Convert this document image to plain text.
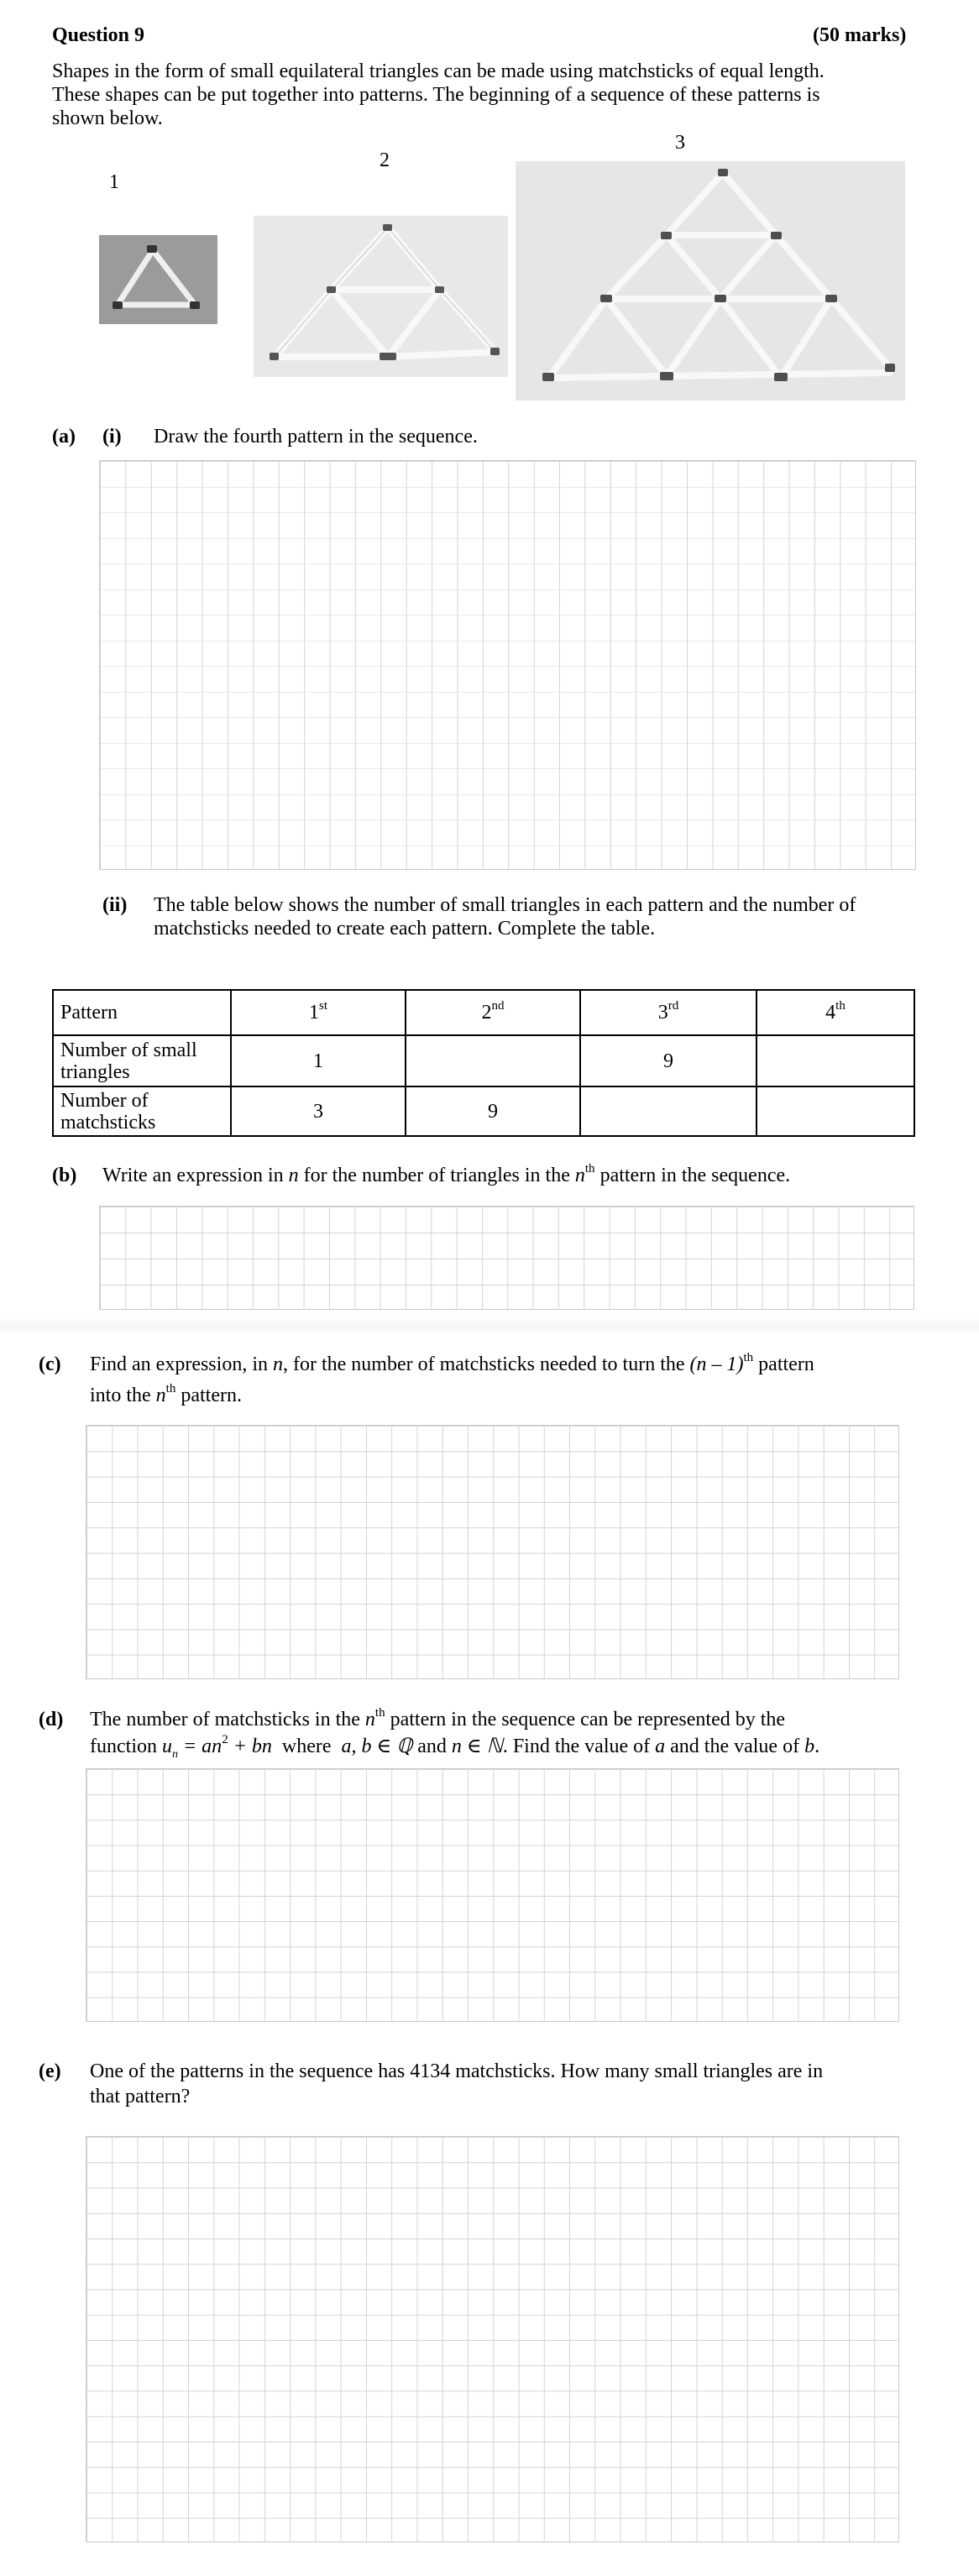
Question 9	(50 marks)
Shapes in the form of small equilateral triangles can be made using matchsticks of equal length.
These shapes can be put together into patterns. The beginning of a sequence of these patterns is
shown below.
1
2
3
(a) (i) Draw the fourth pattern in the sequence.
(ii) The table below shows the number of small triangles in each pattern and the number of
matchsticks needed to create each pattern. Complete the table.
Pattern	1st	2nd	3rd	4th
Number of small triangles	1		9	
Number of matchsticks	3	9		
(b) Write an expression in n for the number of triangles in the $n^{th}$ pattern in the sequence.
(c) Find an expression, in n, for the number of matchsticks needed to turn the (n – 1)$^{th}$ pattern
into the $n^{th}$ pattern.
(d) The number of matchsticks in the $n^{th}$ pattern in the sequence can be represented by the
function $u_n = an^2$ + bn  where  a, b ∈ ℚ and n ∈ ℕ. Find the value of a and the value of b.
(e) One of the patterns in the sequence has 4134 matchsticks. How many small triangles are in
that pattern?
